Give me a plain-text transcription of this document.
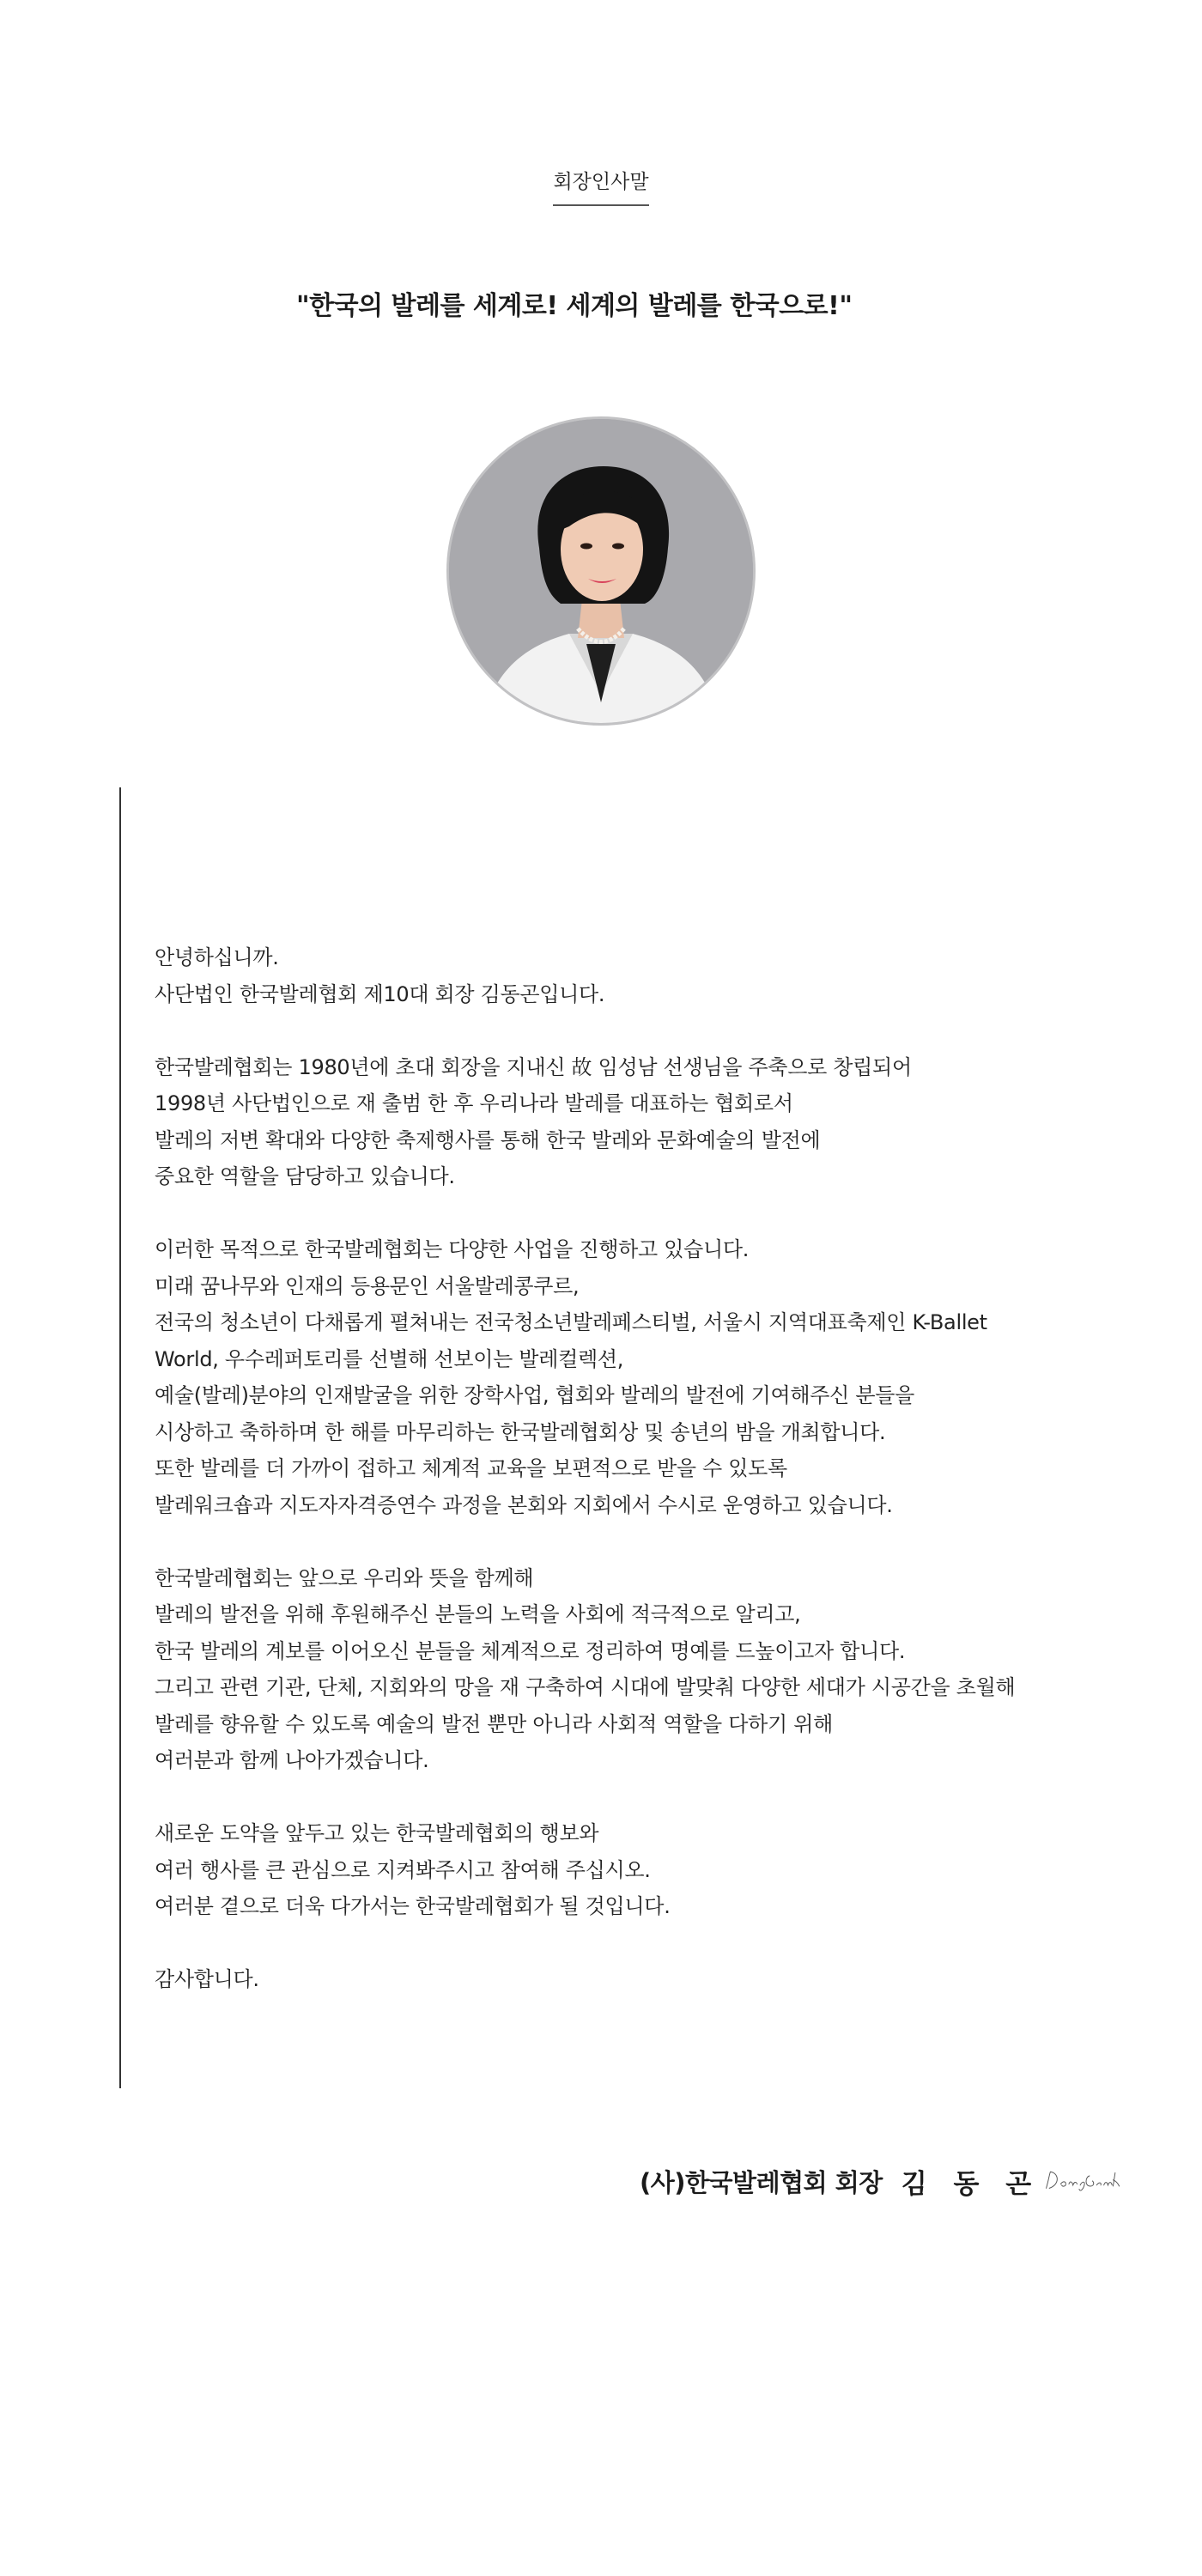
회장인사말
"한국의 발레를 세계로! 세계의 발레를 한국으로!"
안녕하십니까.
사단법인 한국발레협회 제10대 회장 김동곤입니다.
한국발레협회는 1980년에 초대 회장을 지내신 故 임성남 선생님을 주축으로 창립되어
1998년 사단법인으로 재 출범 한 후 우리나라 발레를 대표하는 협회로서
발레의 저변 확대와 다양한 축제행사를 통해 한국 발레와 문화예술의 발전에
중요한 역할을 담당하고 있습니다.
이러한 목적으로 한국발레협회는 다양한 사업을 진행하고 있습니다.
미래 꿈나무와 인재의 등용문인 서울발레콩쿠르,
전국의 청소년이 다채롭게 펼쳐내는 전국청소년발레페스티벌, 서울시 지역대표축제인 K-Ballet
World, 우수레퍼토리를 선별해 선보이는 발레컬렉션,
예술(발레)분야의 인재발굴을 위한 장학사업, 협회와 발레의 발전에 기여해주신 분들을
시상하고 축하하며 한 해를 마무리하는 한국발레협회상 및 송년의 밤을 개최합니다.
또한 발레를 더 가까이 접하고 체계적 교육을 보편적으로 받을 수 있도록
발레워크숍과 지도자자격증연수 과정을 본회와 지회에서 수시로 운영하고 있습니다.
한국발레협회는 앞으로 우리와 뜻을 함께해
발레의 발전을 위해 후원해주신 분들의 노력을 사회에 적극적으로 알리고,
한국 발레의 계보를 이어오신 분들을 체계적으로 정리하여 명예를 드높이고자 합니다.
그리고 관련 기관, 단체, 지회와의 망을 재 구축하여 시대에 발맞춰 다양한 세대가 시공간을 초월해
발레를 향유할 수 있도록 예술의 발전 뿐만 아니라 사회적 역할을 다하기 위해
여러분과 함께 나아가겠습니다.
새로운 도약을 앞두고 있는 한국발레협회의 행보와
여러 행사를 큰 관심으로 지켜봐주시고 참여해 주십시오.
여러분 곁으로 더욱 다가서는 한국발레협회가 될 것입니다.
감사합니다.
(사)한국발레협회 회장 김 동 곤
